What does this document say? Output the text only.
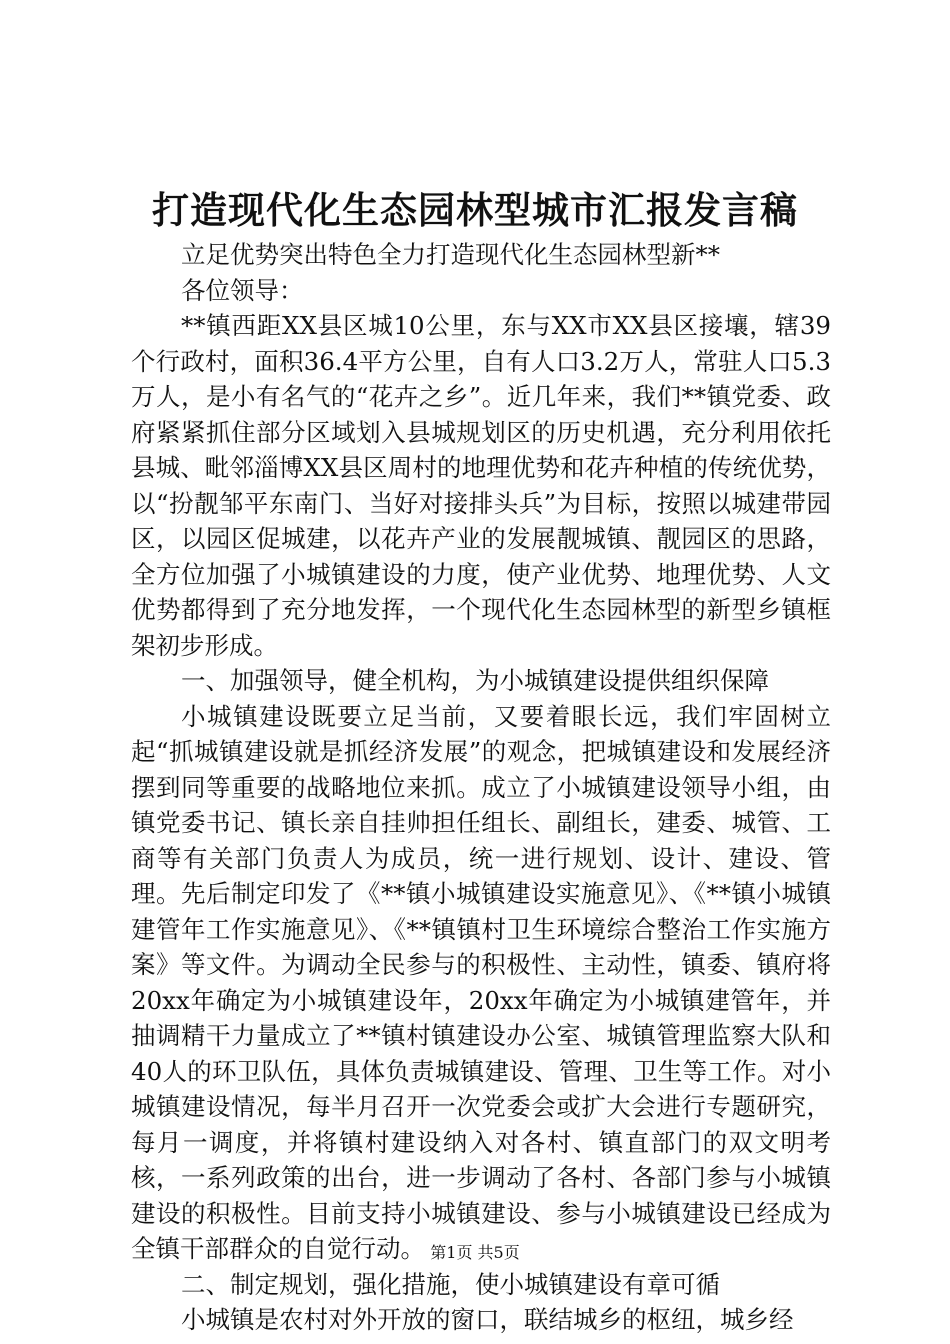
打造现代化生态园林型城市汇报发言稿

立足优势突出特色全力打造现代化生态园林型新**

各位领导：

**镇西距XX县区城10公里，东与XX市XX县区接壤，辖39个行政村，面积36.4平方公里，自有人口3.2万人，常驻人口5.3万人，是小有名气的“花卉之乡”。近几年来，我们**镇党委、政府紧紧抓住部分区域划入县城规划区的历史机遇，充分利用依托县城、毗邻淄博XX县区周村的地理优势和花卉种植的传统优势，以“扮靓邹平东南门、当好对接排头兵”为目标，按照以城建带园区，以园区促城建，以花卉产业的发展靓城镇、靓园区的思路，全方位加强了小城镇建设的力度，使产业优势、地理优势、人文优势都得到了充分地发挥，一个现代化生态园林型的新型乡镇框架初步形成。

一、加强领导，健全机构，为小城镇建设提供组织保障

小城镇建设既要立足当前，又要着眼长远，我们牢固树立起“抓城镇建设就是抓经济发展”的观念，把城镇建设和发展经济摆到同等重要的战略地位来抓。成立了小城镇建设领导小组，由镇党委书记、镇长亲自挂帅担任组长、副组长，建委、城管、工商等有关部门负责人为成员，统一进行规划、设计、建设、管理。先后制定印发了《**镇小城镇建设实施意见》、《**镇小城镇建管年工作实施意见》、《**镇镇村卫生环境综合整治工作实施方案》等文件。为调动全民参与的积极性、主动性，镇委、镇府将20xx年确定为小城镇建设年，20xx年确定为小城镇建管年，并抽调精干力量成立了**镇村镇建设办公室、城镇管理监察大队和40人的环卫队伍，具体负责城镇建设、管理、卫生等工作。对小城镇建设情况，每半月召开一次党委会或扩大会进行专题研究，每月一调度，并将镇村建设纳入对各村、镇直部门的双文明考核，一系列政策的出台，进一步调动了各村、各部门参与小城镇建设的积极性。目前支持小城镇建设、参与小城镇建设已经成为全镇干部群众的自觉行动。

二、制定规划，强化措施，使小城镇建设有章可循

小城镇是农村对外开放的窗口，联结城乡的枢纽，城乡经

第1页 共5页
